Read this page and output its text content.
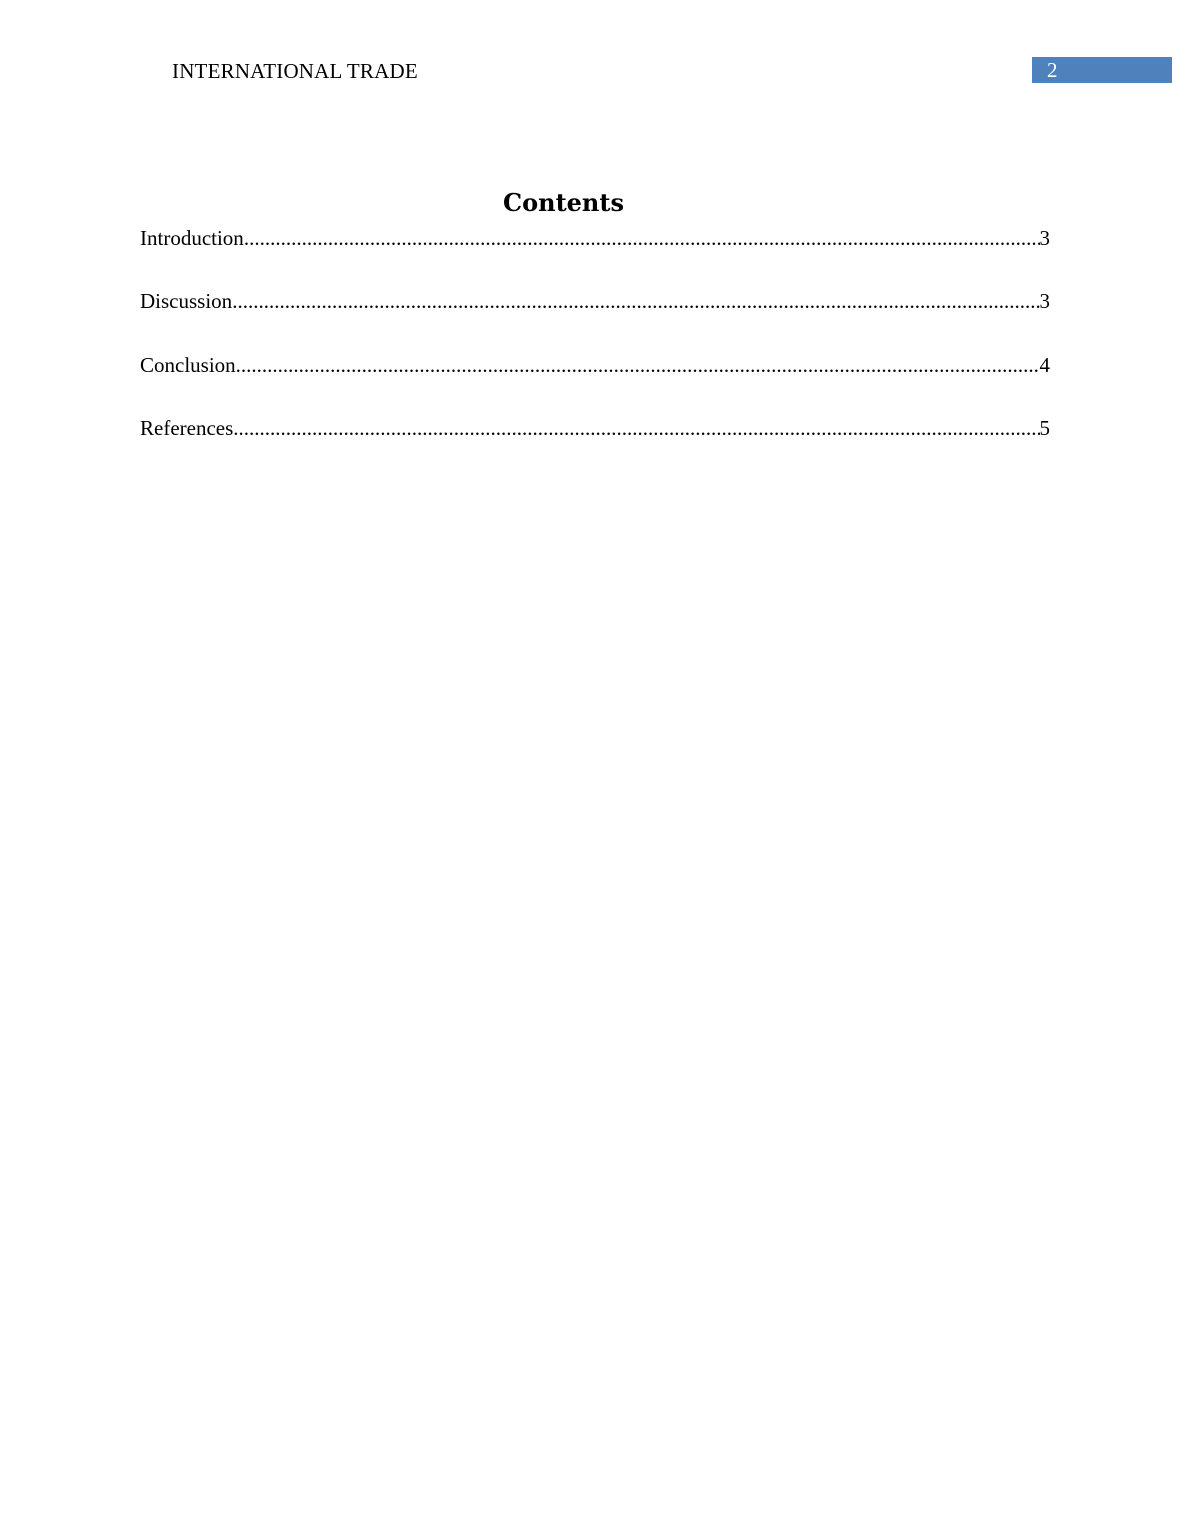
INTERNATIONAL TRADE	2
Contents
Introduction .....	3
Discussion .....	3
Conclusion .....	4
References .....	5
